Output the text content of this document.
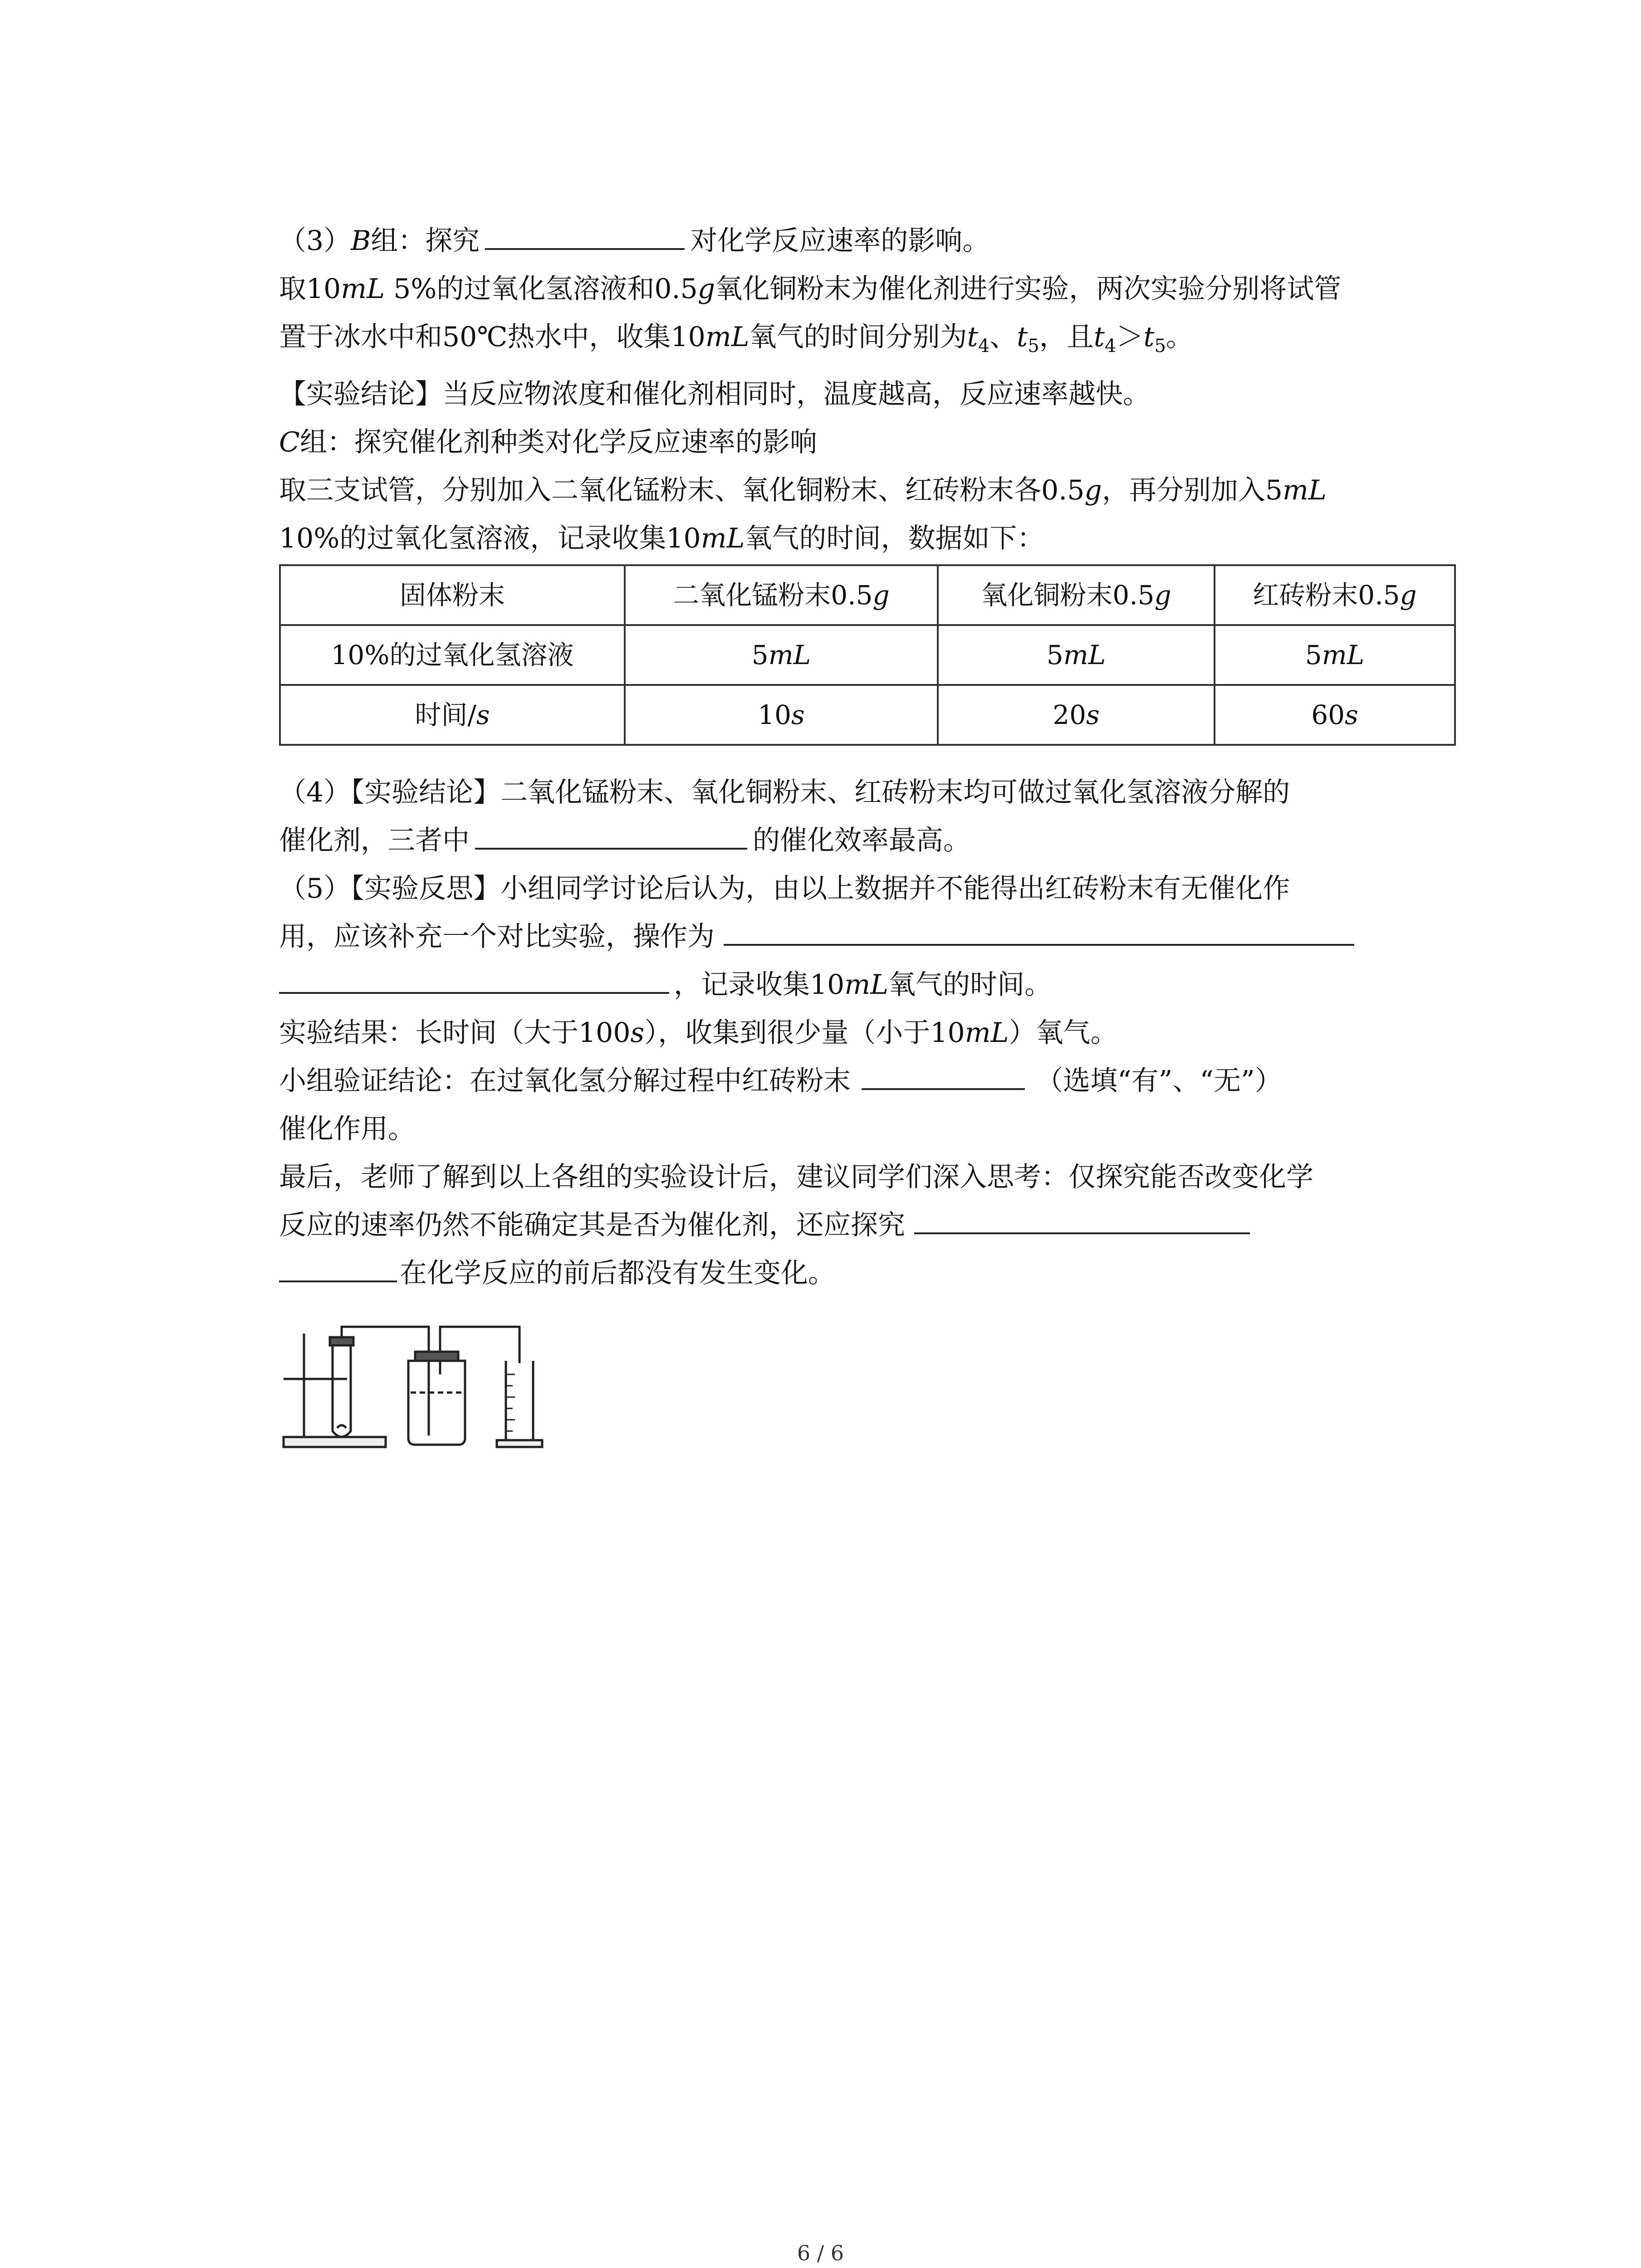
（3）B组：探究	对化学反应速率的影响。
取10mL 5%的过氧化氢溶液和0.5g氧化铜粉末为催化剂进行实验，两次实验分别将试管
置于冰水中和50℃热水中，收集10mL氧气的时间分别为$t_4$、$t_5$，且$t_4>t_5$。
【实验结论】当反应物浓度和催化剂相同时，温度越高，反应速率越快。
C组：探究催化剂种类对化学反应速率的影响
取三支试管，分别加入二氧化锰粉末、氧化铜粉末、红砖粉末各0.5g，再分别加入5mL
10%的过氧化氢溶液，记录收集10mL氧气的时间，数据如下：
固体粉末	二氧化锰粉末0.5g	氧化铜粉末0.5g	红砖粉末0.5g
10%的过氧化氢溶液	5mL	5mL	5mL
时间/s	10s	20s	60s
（4）【实验结论】二氧化锰粉末、氧化铜粉末、红砖粉末均可做过氧化氢溶液分解的
催化剂，三者中	的催化效率最高。
（5）【实验反思】小组同学讨论后认为，由以上数据并不能得出红砖粉末有无催化作
用，应该补充一个对比实验，操作为
，记录收集10mL氧气的时间。
实验结果：长时间（大于100s），收集到很少量（小于10mL）氧气。
小组验证结论：在过氧化氢分解过程中红砖粉末	（选填“有”、“无”）
催化作用。
最后，老师了解到以上各组的实验设计后，建议同学们深入思考：仅探究能否改变化学
反应的速率仍然不能确定其是否为催化剂，还应探究
在化学反应的前后都没有发生变化。
6 / 6
